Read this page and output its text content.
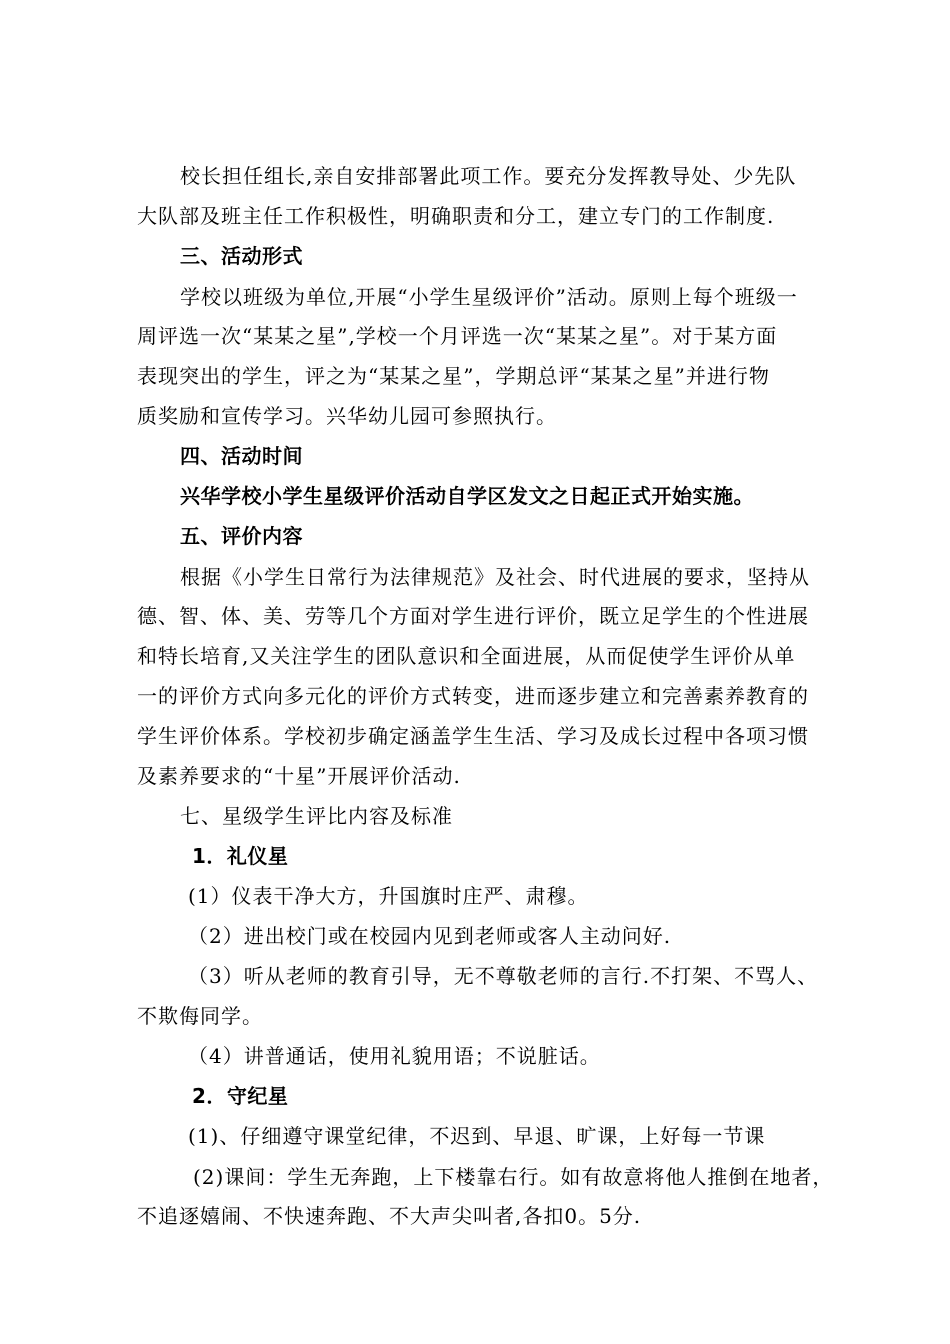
校长担任组长,亲自安排部署此项工作。要充分发挥教导处、少先队
大队部及班主任工作积极性，明确职责和分工，建立专门的工作制度.
三、活动形式
学校以班级为单位,开展“小学生星级评价”活动。原则上每个班级一
周评选一次“某某之星”,学校一个月评选一次“某某之星”。对于某方面
表现突出的学生，评之为“某某之星”，学期总评“某某之星”并进行物
质奖励和宣传学习。兴华幼儿园可参照执行。
四、活动时间
兴华学校小学生星级评价活动自学区发文之日起正式开始实施。
五、评价内容
根据《小学生日常行为法律规范》及社会、时代进展的要求，坚持从
德、智、体、美、劳等几个方面对学生进行评价，既立足学生的个性进展
和特长培育,又关注学生的团队意识和全面进展，从而促使学生评价从单
一的评价方式向多元化的评价方式转变，进而逐步建立和完善素养教育的
学生评价体系。学校初步确定涵盖学生生活、学习及成长过程中各项习惯
及素养要求的“十星”开展评价活动.
七、星级学生评比内容及标准
1．礼仪星
(1）仪表干净大方，升国旗时庄严、肃穆。
（2）进出校门或在校园内见到老师或客人主动问好.
（3）听从老师的教育引导，无不尊敬老师的言行.不打架、不骂人、
不欺侮同学。
（4）讲普通话，使用礼貌用语；不说脏话。
2．守纪星
(1)、仔细遵守课堂纪律，不迟到、早退、旷课，上好每一节课
(2)课间：学生无奔跑，上下楼靠右行。如有故意将他人推倒在地者，
不追逐嬉闹、不快速奔跑、不大声尖叫者,各扣0。5分.
